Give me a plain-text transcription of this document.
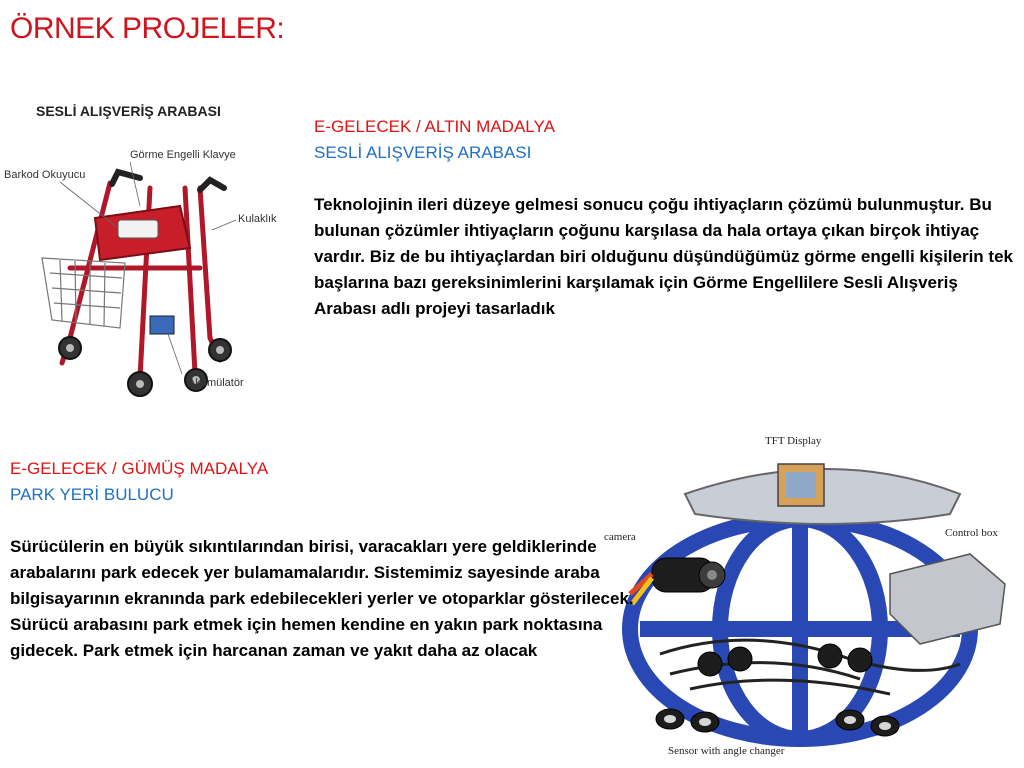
ÖRNEK PROJELER:
SESLİ ALIŞVERİŞ ARABASI
Görme Engelli Klavye
Barkod Okuyucu
Kulaklık
Akümülatör
E-GELECEK / ALTIN MADALYA
SESLİ ALIŞVERİŞ ARABASI
Teknolojinin ileri düzeye gelmesi sonucu çoğu ihtiyaçların çözümü bulunmuştur. Bu bulunan çözümler ihtiyaçların çoğunu karşılasa da hala ortaya çıkan birçok ihtiyaç vardır. Biz de bu ihtiyaçlardan biri olduğunu düşündüğümüz görme engelli kişilerin tek başlarına bazı gereksinimlerini karşılamak için Görme Engellilere Sesli Alışveriş Arabası adlı projeyi tasarladık
TFT Display
camera	Control box
Sensor with angle changer
E-GELECEK / GÜMÜŞ MADALYA
PARK YERİ BULUCU
Sürücülerin en büyük sıkıntılarından birisi, varacakları yere geldiklerinde arabalarını park edecek yer bulamamalarıdır. Sistemimiz sayesinde araba bilgisayarının ekranında park edebilecekleri yerler ve otoparklar gösterilecek. Sürücü arabasını park etmek için hemen kendine en yakın park noktasına gidecek. Park etmek için harcanan zaman ve yakıt daha az olacak
